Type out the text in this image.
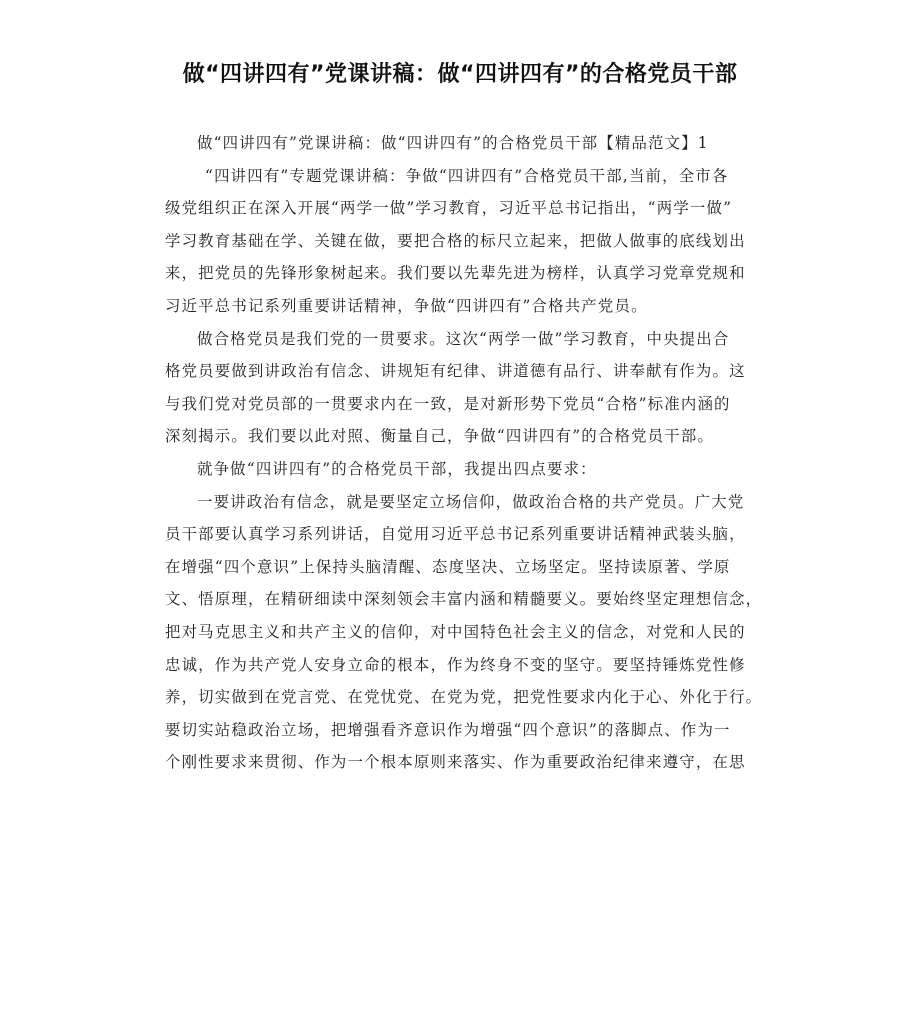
做“四讲四有”党课讲稿：做“四讲四有”的合格党员干部
做“四讲四有”党课讲稿：做“四讲四有”的合格党员干部【精品范文】1
“四讲四有”专题党课讲稿：争做“四讲四有”合格党员干部,当前，全市各
级党组织正在深入开展“两学一做”学习教育，习近平总书记指出，“两学一做”
学习教育基础在学、关键在做，要把合格的标尺立起来，把做人做事的底线划出
来，把党员的先锋形象树起来。我们要以先辈先进为榜样，认真学习党章党规和
习近平总书记系列重要讲话精神，争做“四讲四有”合格共产党员。
做合格党员是我们党的一贯要求。这次“两学一做”学习教育，中央提出合
格党员要做到讲政治有信念、讲规矩有纪律、讲道德有品行、讲奉献有作为。这
与我们党对党员部的一贯要求内在一致，是对新形势下党员“合格”标准内涵的
深刻揭示。我们要以此对照、衡量自己，争做“四讲四有”的合格党员干部。
就争做“四讲四有”的合格党员干部，我提出四点要求：
一要讲政治有信念，就是要坚定立场信仰，做政治合格的共产党员。广大党
员干部要认真学习系列讲话，自觉用习近平总书记系列重要讲话精神武装头脑，
在增强“四个意识”上保持头脑清醒、态度坚决、立场坚定。坚持读原著、学原
文、悟原理，在精研细读中深刻领会丰富内涵和精髓要义。要始终坚定理想信念，
把对马克思主义和共产主义的信仰，对中国特色社会主义的信念，对党和人民的
忠诚，作为共产党人安身立命的根本，作为终身不变的坚守。要坚持锤炼党性修
养，切实做到在党言党、在党忧党、在党为党，把党性要求内化于心、外化于行。
要切实站稳政治立场，把增强看齐意识作为增强“四个意识”的落脚点、作为一
个刚性要求来贯彻、作为一个根本原则来落实、作为重要政治纪律来遵守，在思
